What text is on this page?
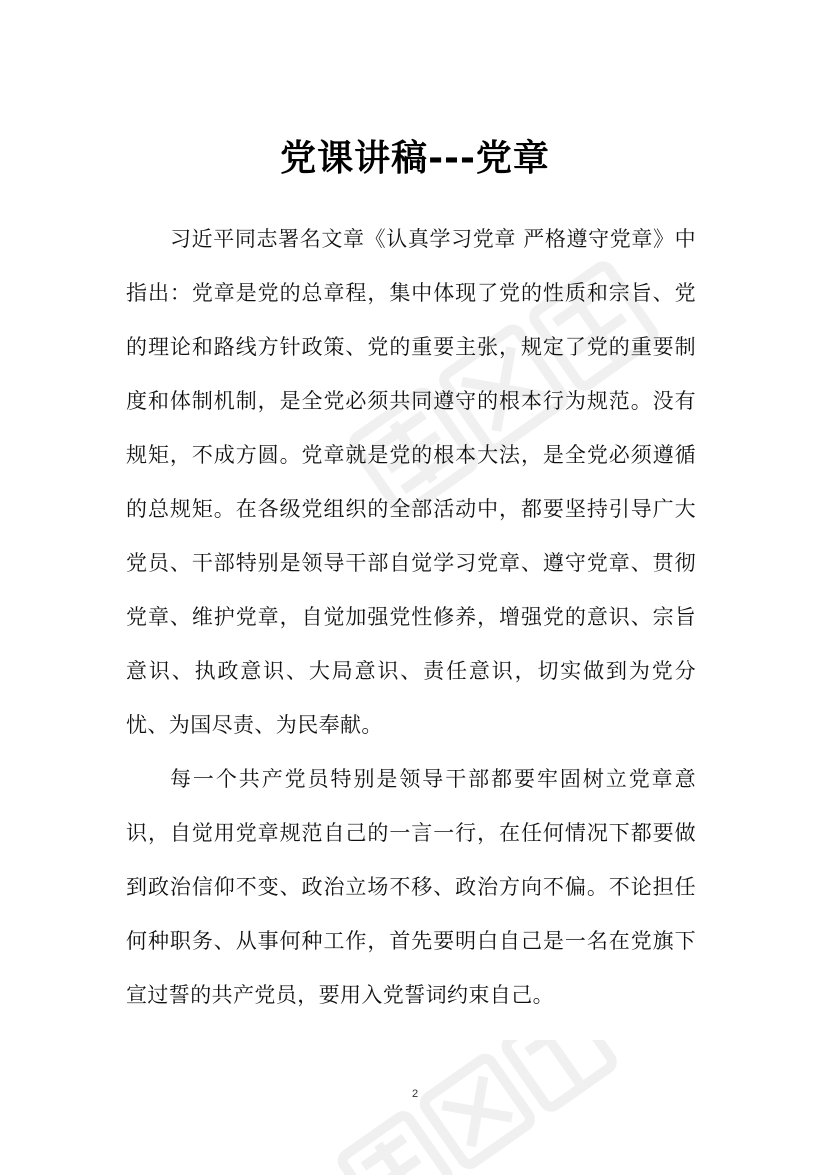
党课讲稿---党章

习近平同志署名文章《认真学习党章 严格遵守党章》中指出：党章是党的总章程，集中体现了党的性质和宗旨、党的理论和路线方针政策、党的重要主张，规定了党的重要制度和体制机制，是全党必须共同遵守的根本行为规范。没有规矩，不成方圆。党章就是党的根本大法，是全党必须遵循的总规矩。在各级党组织的全部活动中，都要坚持引导广大党员、干部特别是领导干部自觉学习党章、遵守党章、贯彻党章、维护党章，自觉加强党性修养，增强党的意识、宗旨意识、执政意识、大局意识、责任意识，切实做到为党分忧、为国尽责、为民奉献。

每一个共产党员特别是领导干部都要牢固树立党章意识，自觉用党章规范自己的一言一行，在任何情况下都要做到政治信仰不变、政治立场不移、政治方向不偏。不论担任何种职务、从事何种工作，首先要明白自己是一名在党旗下宣过誓的共产党员，要用入党誓词约束自己。

2
